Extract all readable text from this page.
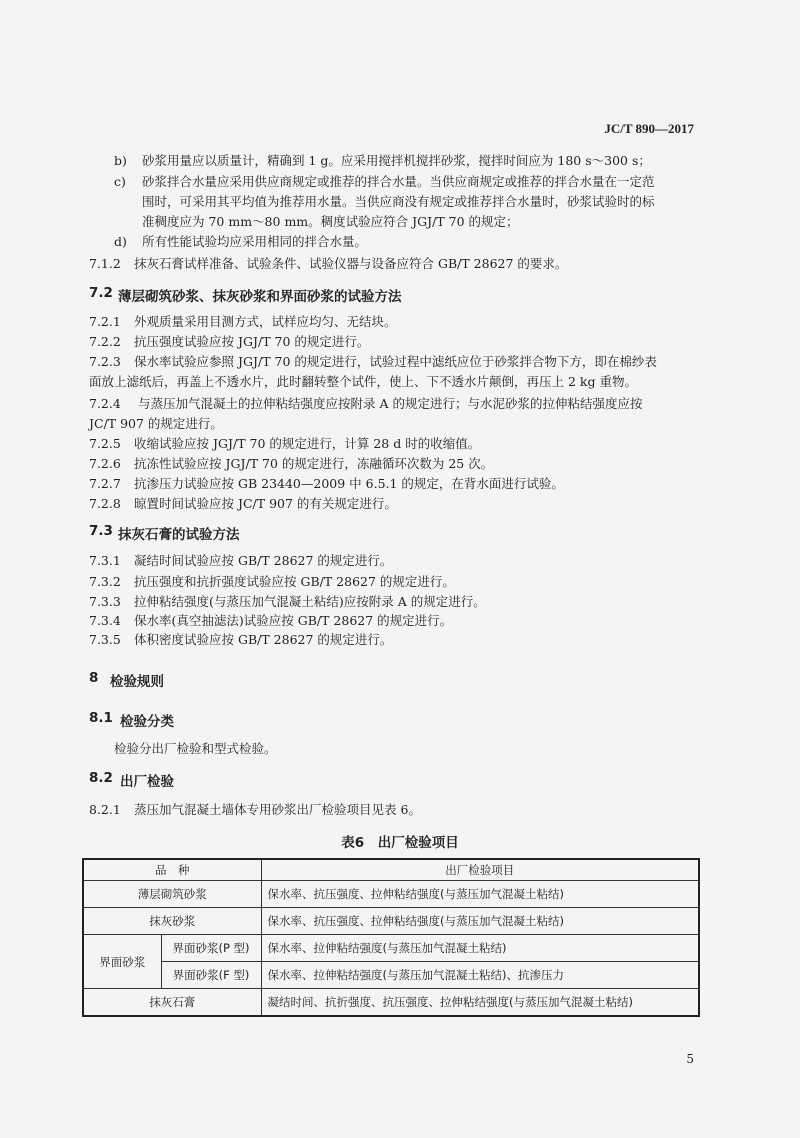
JC/T 890—2017
b) 砂浆用量应以质量计，精确到 1 g。应采用搅拌机搅拌砂浆，搅拌时间应为 180 s～300 s；
c) 砂浆拌合水量应采用供应商规定或推荐的拌合水量。当供应商规定或推荐的拌合水量在一定范
围时，可采用其平均值为推荐用水量。当供应商没有规定或推荐拌合水量时，砂浆试验时的标
准稠度应为 70 mm～80 mm。稠度试验应符合 JGJ/T 70 的规定；
d) 所有性能试验均应采用相同的拌合水量。
7.1.2 抹灰石膏试样准备、试验条件、试验仪器与设备应符合 GB/T 28627 的要求。
7.2 薄层砌筑砂浆、抹灰砂浆和界面砂浆的试验方法
7.2.1 外观质量采用目测方式，试样应均匀、无结块。
7.2.2 抗压强度试验应按 JGJ/T 70 的规定进行。
7.2.3 保水率试验应参照 JGJ/T 70 的规定进行，试验过程中滤纸应位于砂浆拌合物下方，即在棉纱表
面放上滤纸后，再盖上不透水片，此时翻转整个试件，使上、下不透水片颠倒，再压上 2 kg 重物。
7.2.4 与蒸压加气混凝土的拉伸粘结强度应按附录 A 的规定进行；与水泥砂浆的拉伸粘结强度应按
JC/T 907 的规定进行。
7.2.5 收缩试验应按 JGJ/T 70 的规定进行，计算 28 d 时的收缩值。
7.2.6 抗冻性试验应按 JGJ/T 70 的规定进行，冻融循环次数为 25 次。
7.2.7 抗渗压力试验应按 GB 23440—2009 中 6.5.1 的规定，在背水面进行试验。
7.2.8 晾置时间试验应按 JC/T 907 的有关规定进行。
7.3 抹灰石膏的试验方法
7.3.1 凝结时间试验应按 GB/T 28627 的规定进行。
7.3.2 抗压强度和抗折强度试验应按 GB/T 28627 的规定进行。
7.3.3 拉伸粘结强度(与蒸压加气混凝土粘结)应按附录 A 的规定进行。
7.3.4 保水率(真空抽滤法)试验应按 GB/T 28627 的规定进行。
7.3.5 体积密度试验应按 GB/T 28627 的规定进行。
8 检验规则
8.1 检验分类
检验分出厂检验和型式检验。
8.2 出厂检验
8.2.1 蒸压加气混凝土墙体专用砂浆出厂检验项目见表 6。
表6　出厂检验项目
品　种		出厂检验项目
薄层砌筑砂浆		保水率、抗压强度、拉伸粘结强度(与蒸压加气混凝土粘结)
抹灰砂浆		保水率、抗压强度、拉伸粘结强度(与蒸压加气混凝土粘结)
界面砂浆	界面砂浆(P 型)	保水率、拉伸粘结强度(与蒸压加气混凝土粘结)
	界面砂浆(F 型)	保水率、拉伸粘结强度(与蒸压加气混凝土粘结)、抗渗压力
抹灰石膏		凝结时间、抗折强度、抗压强度、拉伸粘结强度(与蒸压加气混凝土粘结)
5
